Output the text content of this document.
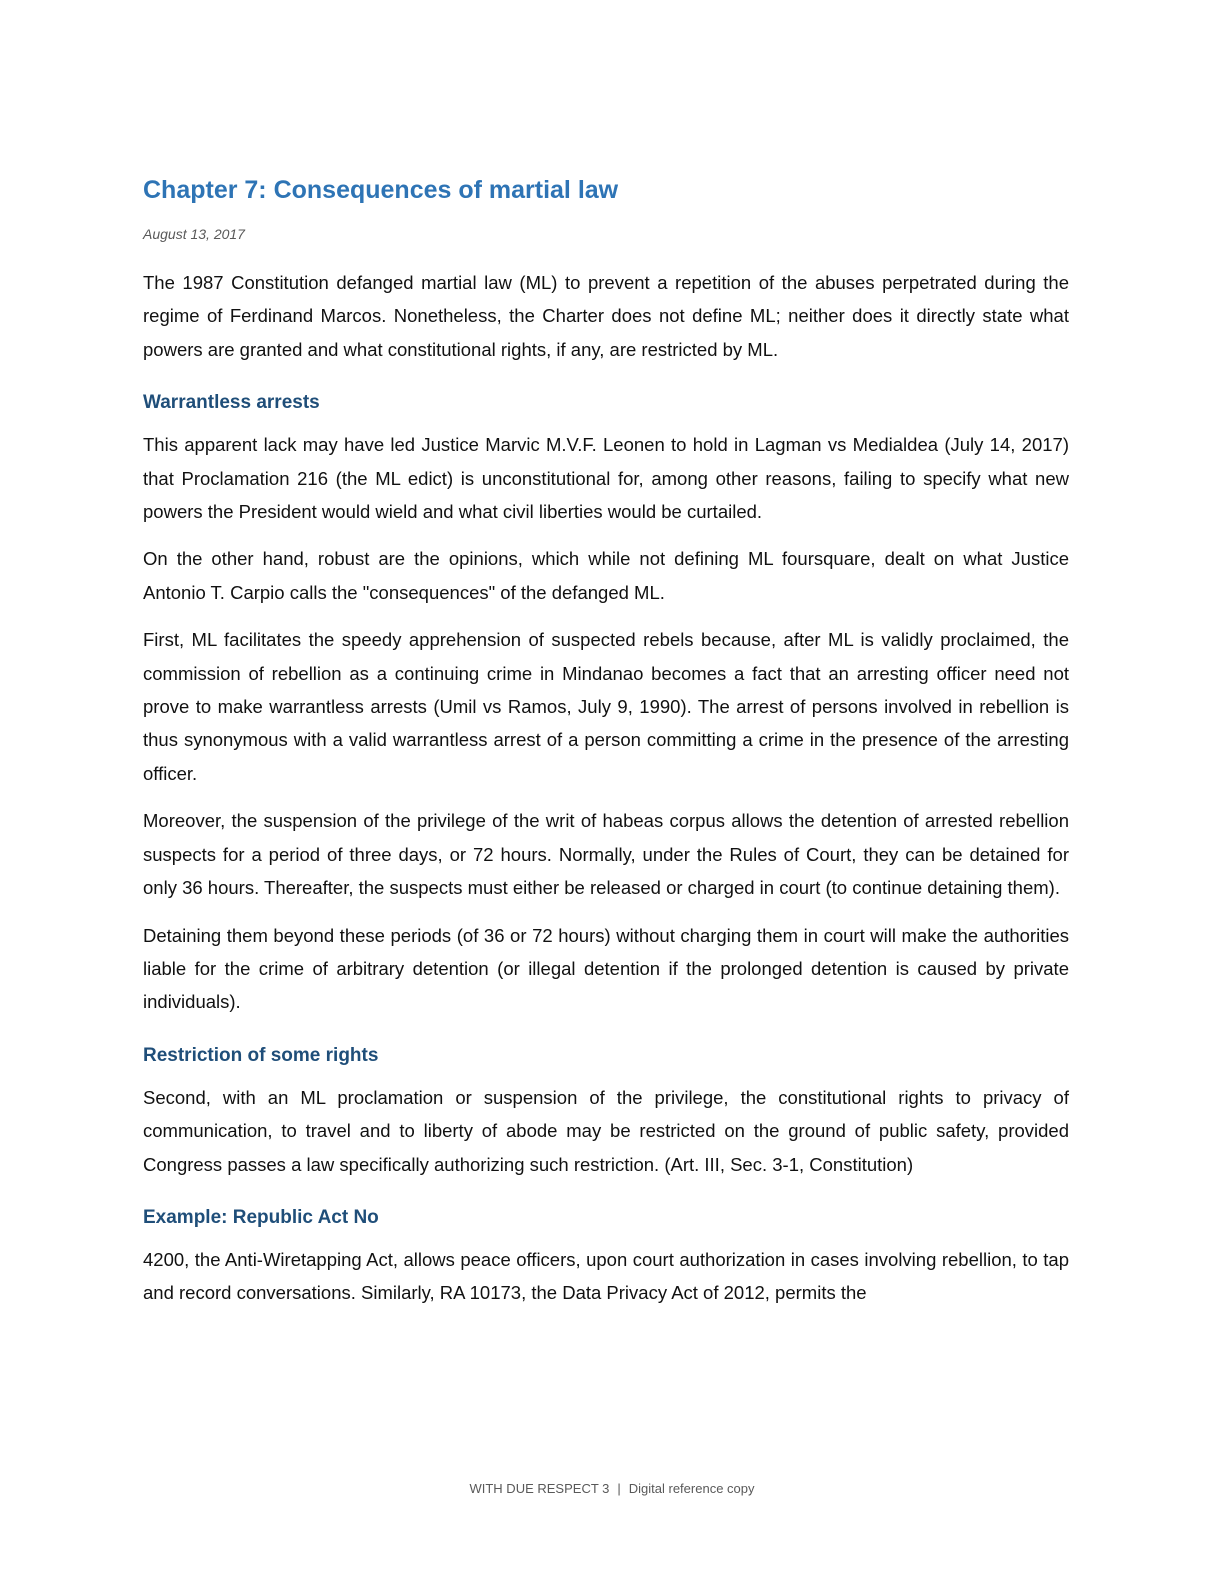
Chapter 7: Consequences of martial law
August 13, 2017

The 1987 Constitution defanged martial law (ML) to prevent a repetition of the abuses perpetrated during the regime of Ferdinand Marcos. Nonetheless, the Charter does not define ML; neither does it directly state what powers are granted and what constitutional rights, if any, are restricted by ML.

Warrantless arrests

This apparent lack may have led Justice Marvic M.V.F. Leonen to hold in Lagman vs Medialdea (July 14, 2017) that Proclamation 216 (the ML edict) is unconstitutional for, among other reasons, failing to specify what new powers the President would wield and what civil liberties would be curtailed.

On the other hand, robust are the opinions, which while not defining ML foursquare, dealt on what Justice Antonio T. Carpio calls the "consequences" of the defanged ML.

First, ML facilitates the speedy apprehension of suspected rebels because, after ML is validly proclaimed, the commission of rebellion as a continuing crime in Mindanao becomes a fact that an arresting officer need not prove to make warrantless arrests (Umil vs Ramos, July 9, 1990). The arrest of persons involved in rebellion is thus synonymous with a valid warrantless arrest of a person committing a crime in the presence of the arresting officer.

Moreover, the suspension of the privilege of the writ of habeas corpus allows the detention of arrested rebellion suspects for a period of three days, or 72 hours. Normally, under the Rules of Court, they can be detained for only 36 hours. Thereafter, the suspects must either be released or charged in court (to continue detaining them).

Detaining them beyond these periods (of 36 or 72 hours) without charging them in court will make the authorities liable for the crime of arbitrary detention (or illegal detention if the prolonged detention is caused by private individuals).

Restriction of some rights

Second, with an ML proclamation or suspension of the privilege, the constitutional rights to privacy of communication, to travel and to liberty of abode may be restricted on the ground of public safety, provided Congress passes a law specifically authorizing such restriction. (Art. III, Sec. 3-1, Constitution)

Example: Republic Act No

4200, the Anti-Wiretapping Act, allows peace officers, upon court authorization in cases involving rebellion, to tap and record conversations. Similarly, RA 10173, the Data Privacy Act of 2012, permits the

WITH DUE RESPECT 3 | Digital reference copy
